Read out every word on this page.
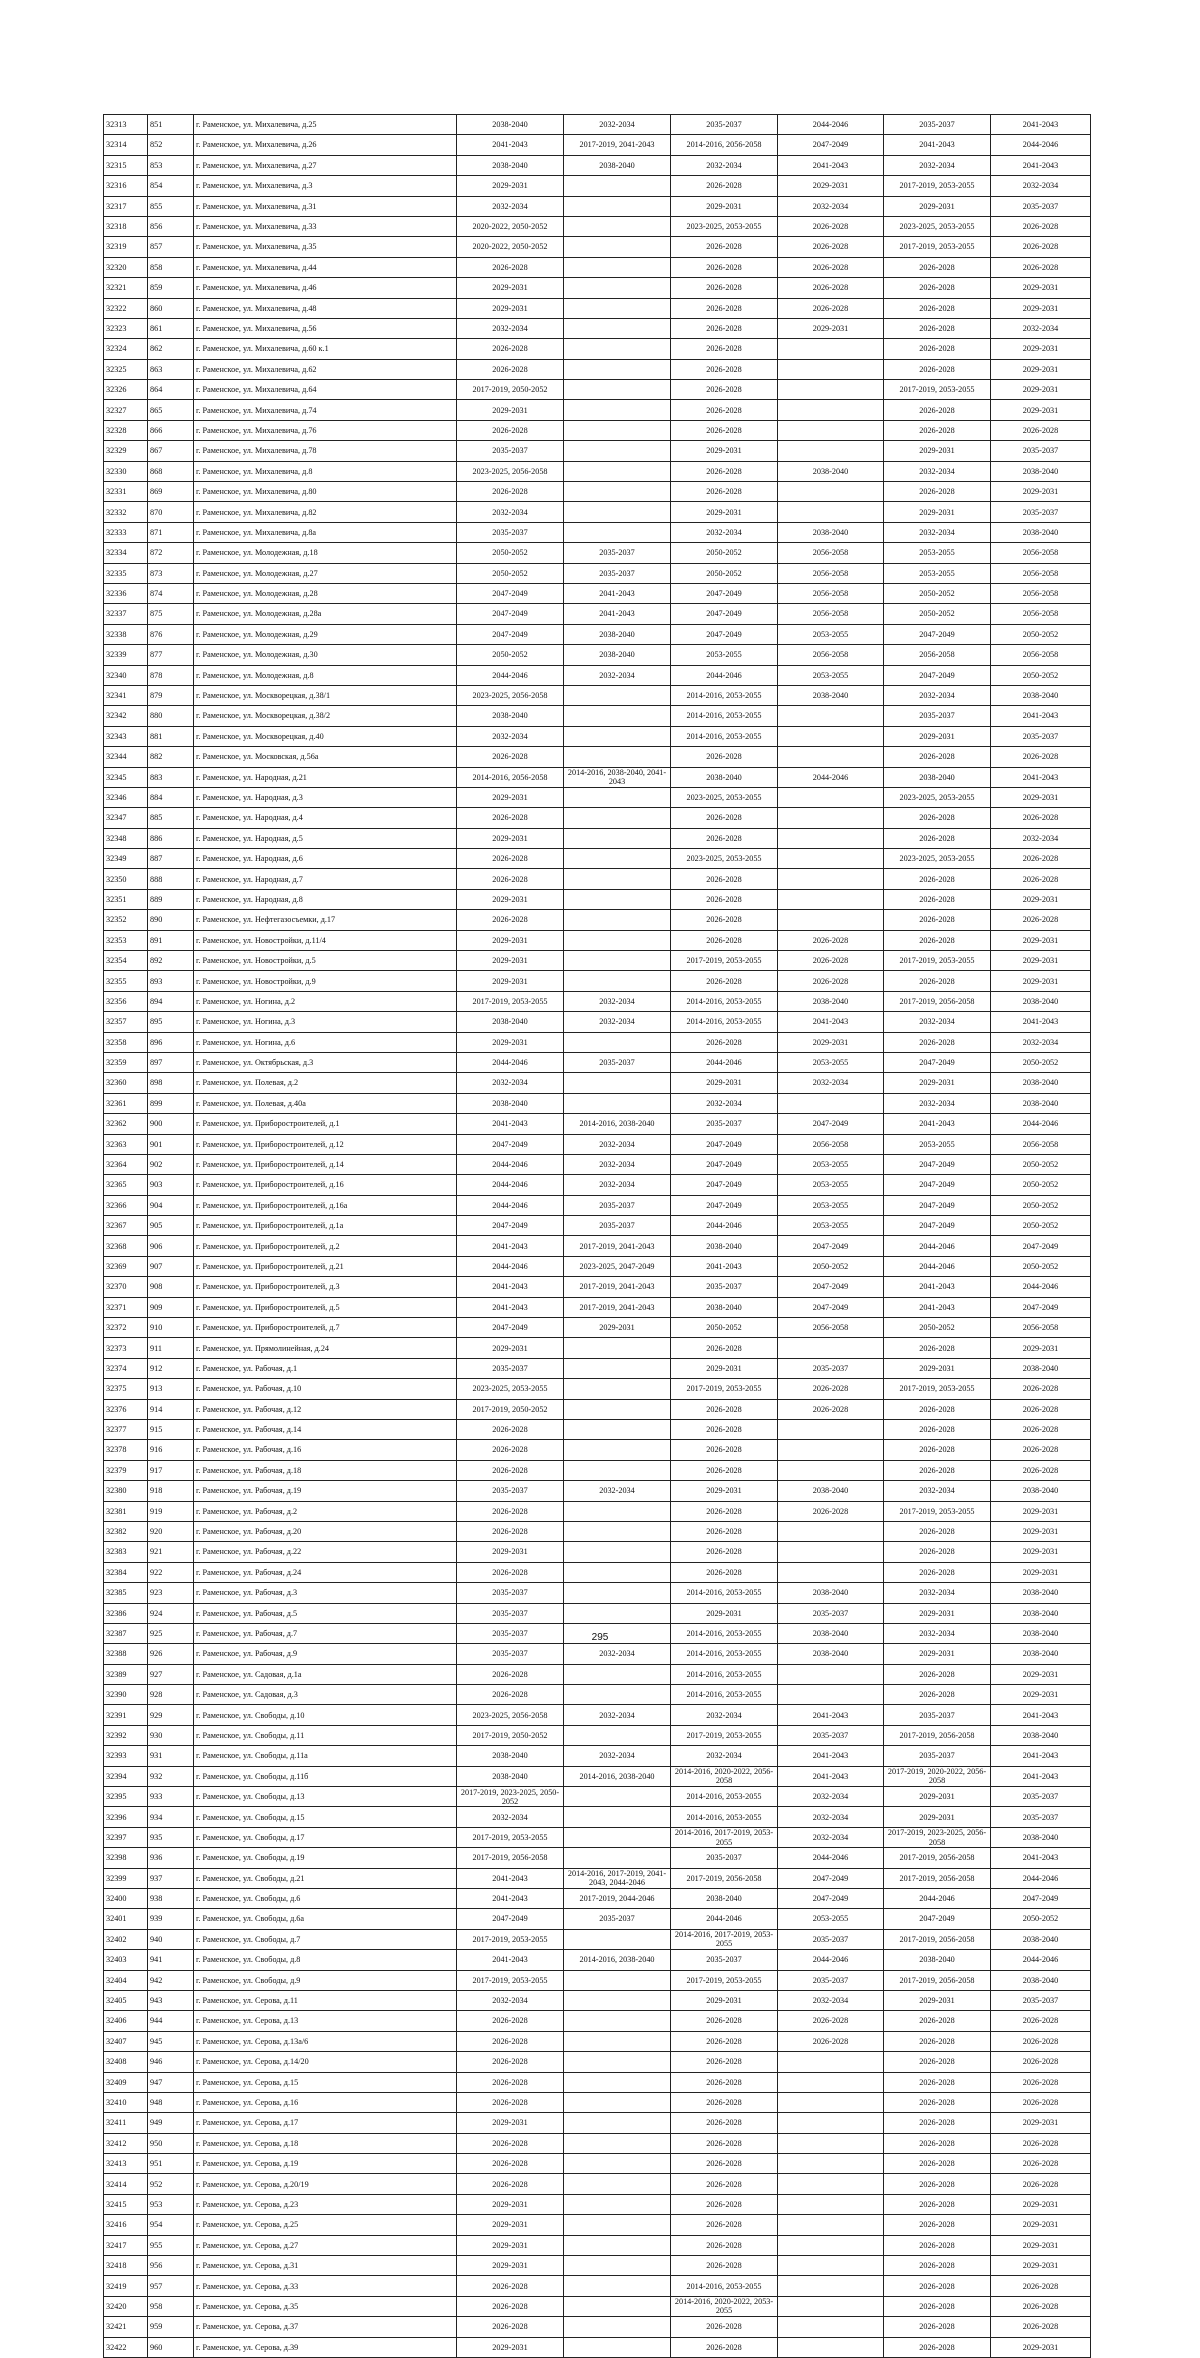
32313	851	г. Раменское, ул. Михалевича, д.25	2038-2040	2032-2034	2035-2037	2044-2046	2035-2037	2041-2043
32314	852	г. Раменское, ул. Михалевича, д.26	2041-2043	2017-2019, 2041-2043	2014-2016, 2056-2058	2047-2049	2041-2043	2044-2046
32315	853	г. Раменское, ул. Михалевича, д.27	2038-2040	2038-2040	2032-2034	2041-2043	2032-2034	2041-2043
32316	854	г. Раменское, ул. Михалевича, д.3	2029-2031		2026-2028	2029-2031	2017-2019, 2053-2055	2032-2034
32317	855	г. Раменское, ул. Михалевича, д.31	2032-2034		2029-2031	2032-2034	2029-2031	2035-2037
32318	856	г. Раменское, ул. Михалевича, д.33	2020-2022, 2050-2052		2023-2025, 2053-2055	2026-2028	2023-2025, 2053-2055	2026-2028
32319	857	г. Раменское, ул. Михалевича, д.35	2020-2022, 2050-2052		2026-2028	2026-2028	2017-2019, 2053-2055	2026-2028
32320	858	г. Раменское, ул. Михалевича, д.44	2026-2028		2026-2028	2026-2028	2026-2028	2026-2028
32321	859	г. Раменское, ул. Михалевича, д.46	2029-2031		2026-2028	2026-2028	2026-2028	2029-2031
32322	860	г. Раменское, ул. Михалевича, д.48	2029-2031		2026-2028	2026-2028	2026-2028	2029-2031
32323	861	г. Раменское, ул. Михалевича, д.56	2032-2034		2026-2028	2029-2031	2026-2028	2032-2034
32324	862	г. Раменское, ул. Михалевича, д.60 к.1	2026-2028		2026-2028		2026-2028	2029-2031
32325	863	г. Раменское, ул. Михалевича, д.62	2026-2028		2026-2028		2026-2028	2029-2031
32326	864	г. Раменское, ул. Михалевича, д.64	2017-2019, 2050-2052		2026-2028		2017-2019, 2053-2055	2029-2031
32327	865	г. Раменское, ул. Михалевича, д.74	2029-2031		2026-2028		2026-2028	2029-2031
32328	866	г. Раменское, ул. Михалевича, д.76	2026-2028		2026-2028		2026-2028	2026-2028
32329	867	г. Раменское, ул. Михалевича, д.78	2035-2037		2029-2031		2029-2031	2035-2037
32330	868	г. Раменское, ул. Михалевича, д.8	2023-2025, 2056-2058		2026-2028	2038-2040	2032-2034	2038-2040
32331	869	г. Раменское, ул. Михалевича, д.80	2026-2028		2026-2028		2026-2028	2029-2031
32332	870	г. Раменское, ул. Михалевича, д.82	2032-2034		2029-2031		2029-2031	2035-2037
32333	871	г. Раменское, ул. Михалевича, д.8а	2035-2037		2032-2034	2038-2040	2032-2034	2038-2040
32334	872	г. Раменское, ул. Молодежная, д.18	2050-2052	2035-2037	2050-2052	2056-2058	2053-2055	2056-2058
32335	873	г. Раменское, ул. Молодежная, д.27	2050-2052	2035-2037	2050-2052	2056-2058	2053-2055	2056-2058
32336	874	г. Раменское, ул. Молодежная, д.28	2047-2049	2041-2043	2047-2049	2056-2058	2050-2052	2056-2058
32337	875	г. Раменское, ул. Молодежная, д.28а	2047-2049	2041-2043	2047-2049	2056-2058	2050-2052	2056-2058
32338	876	г. Раменское, ул. Молодежная, д.29	2047-2049	2038-2040	2047-2049	2053-2055	2047-2049	2050-2052
32339	877	г. Раменское, ул. Молодежная, д.30	2050-2052	2038-2040	2053-2055	2056-2058	2056-2058	2056-2058
32340	878	г. Раменское, ул. Молодежная, д.8	2044-2046	2032-2034	2044-2046	2053-2055	2047-2049	2050-2052
32341	879	г. Раменское, ул. Москворецкая, д.38/1	2023-2025, 2056-2058		2014-2016, 2053-2055	2038-2040	2032-2034	2038-2040
32342	880	г. Раменское, ул. Москворецкая, д.38/2	2038-2040		2014-2016, 2053-2055		2035-2037	2041-2043
32343	881	г. Раменское, ул. Москворецкая, д.40	2032-2034		2014-2016, 2053-2055		2029-2031	2035-2037
32344	882	г. Раменское, ул. Московская, д.56а	2026-2028		2026-2028		2026-2028	2026-2028
32345	883	г. Раменское, ул. Народная, д.21	2014-2016, 2056-2058	2014-2016, 2038-2040, 2041-2043	2038-2040	2044-2046	2038-2040	2041-2043
32346	884	г. Раменское, ул. Народная, д.3	2029-2031		2023-2025, 2053-2055		2023-2025, 2053-2055	2029-2031
32347	885	г. Раменское, ул. Народная, д.4	2026-2028		2026-2028		2026-2028	2026-2028
32348	886	г. Раменское, ул. Народная, д.5	2029-2031		2026-2028		2026-2028	2032-2034
32349	887	г. Раменское, ул. Народная, д.6	2026-2028		2023-2025, 2053-2055		2023-2025, 2053-2055	2026-2028
32350	888	г. Раменское, ул. Народная, д.7	2026-2028		2026-2028		2026-2028	2026-2028
32351	889	г. Раменское, ул. Народная, д.8	2029-2031		2026-2028		2026-2028	2029-2031
32352	890	г. Раменское, ул. Нефтегазосъемки, д.17	2026-2028		2026-2028		2026-2028	2026-2028
32353	891	г. Раменское, ул. Новостройки, д.11/4	2029-2031		2026-2028	2026-2028	2026-2028	2029-2031
32354	892	г. Раменское, ул. Новостройки, д.5	2029-2031		2017-2019, 2053-2055	2026-2028	2017-2019, 2053-2055	2029-2031
32355	893	г. Раменское, ул. Новостройки, д.9	2029-2031		2026-2028	2026-2028	2026-2028	2029-2031
32356	894	г. Раменское, ул. Ногина, д.2	2017-2019, 2053-2055	2032-2034	2014-2016, 2053-2055	2038-2040	2017-2019, 2056-2058	2038-2040
32357	895	г. Раменское, ул. Ногина, д.3	2038-2040	2032-2034	2014-2016, 2053-2055	2041-2043	2032-2034	2041-2043
32358	896	г. Раменское, ул. Ногина, д.6	2029-2031		2026-2028	2029-2031	2026-2028	2032-2034
32359	897	г. Раменское, ул. Октябрьская, д.3	2044-2046	2035-2037	2044-2046	2053-2055	2047-2049	2050-2052
32360	898	г. Раменское, ул. Полевая, д.2	2032-2034		2029-2031	2032-2034	2029-2031	2038-2040
32361	899	г. Раменское, ул. Полевая, д.40а	2038-2040		2032-2034		2032-2034	2038-2040
32362	900	г. Раменское, ул. Приборостроителей, д.1	2041-2043	2014-2016, 2038-2040	2035-2037	2047-2049	2041-2043	2044-2046
32363	901	г. Раменское, ул. Приборостроителей, д.12	2047-2049	2032-2034	2047-2049	2056-2058	2053-2055	2056-2058
32364	902	г. Раменское, ул. Приборостроителей, д.14	2044-2046	2032-2034	2047-2049	2053-2055	2047-2049	2050-2052
32365	903	г. Раменское, ул. Приборостроителей, д.16	2044-2046	2032-2034	2047-2049	2053-2055	2047-2049	2050-2052
32366	904	г. Раменское, ул. Приборостроителей, д.16а	2044-2046	2035-2037	2047-2049	2053-2055	2047-2049	2050-2052
32367	905	г. Раменское, ул. Приборостроителей, д.1а	2047-2049	2035-2037	2044-2046	2053-2055	2047-2049	2050-2052
32368	906	г. Раменское, ул. Приборостроителей, д.2	2041-2043	2017-2019, 2041-2043	2038-2040	2047-2049	2044-2046	2047-2049
32369	907	г. Раменское, ул. Приборостроителей, д.21	2044-2046	2023-2025, 2047-2049	2041-2043	2050-2052	2044-2046	2050-2052
32370	908	г. Раменское, ул. Приборостроителей, д.3	2041-2043	2017-2019, 2041-2043	2035-2037	2047-2049	2041-2043	2044-2046
32371	909	г. Раменское, ул. Приборостроителей, д.5	2041-2043	2017-2019, 2041-2043	2038-2040	2047-2049	2041-2043	2047-2049
32372	910	г. Раменское, ул. Приборостроителей, д.7	2047-2049	2029-2031	2050-2052	2056-2058	2050-2052	2056-2058
32373	911	г. Раменское, ул. Прямолинейная, д.24	2029-2031		2026-2028		2026-2028	2029-2031
32374	912	г. Раменское, ул. Рабочая, д.1	2035-2037		2029-2031	2035-2037	2029-2031	2038-2040
32375	913	г. Раменское, ул. Рабочая, д.10	2023-2025, 2053-2055		2017-2019, 2053-2055	2026-2028	2017-2019, 2053-2055	2026-2028
32376	914	г. Раменское, ул. Рабочая, д.12	2017-2019, 2050-2052		2026-2028	2026-2028	2026-2028	2026-2028
32377	915	г. Раменское, ул. Рабочая, д.14	2026-2028		2026-2028		2026-2028	2026-2028
32378	916	г. Раменское, ул. Рабочая, д.16	2026-2028		2026-2028		2026-2028	2026-2028
32379	917	г. Раменское, ул. Рабочая, д.18	2026-2028		2026-2028		2026-2028	2026-2028
32380	918	г. Раменское, ул. Рабочая, д.19	2035-2037	2032-2034	2029-2031	2038-2040	2032-2034	2038-2040
32381	919	г. Раменское, ул. Рабочая, д.2	2026-2028		2026-2028	2026-2028	2017-2019, 2053-2055	2029-2031
32382	920	г. Раменское, ул. Рабочая, д.20	2026-2028		2026-2028		2026-2028	2029-2031
32383	921	г. Раменское, ул. Рабочая, д.22	2029-2031		2026-2028		2026-2028	2029-2031
32384	922	г. Раменское, ул. Рабочая, д.24	2026-2028		2026-2028		2026-2028	2029-2031
32385	923	г. Раменское, ул. Рабочая, д.3	2035-2037		2014-2016, 2053-2055	2038-2040	2032-2034	2038-2040
32386	924	г. Раменское, ул. Рабочая, д.5	2035-2037		2029-2031	2035-2037	2029-2031	2038-2040
32387	925	г. Раменское, ул. Рабочая, д.7	2035-2037		2014-2016, 2053-2055	2038-2040	2032-2034	2038-2040
32388	926	г. Раменское, ул. Рабочая, д.9	2035-2037	2032-2034	2014-2016, 2053-2055	2038-2040	2029-2031	2038-2040
32389	927	г. Раменское, ул. Садовая, д.1а	2026-2028		2014-2016, 2053-2055		2026-2028	2029-2031
32390	928	г. Раменское, ул. Садовая, д.3	2026-2028		2014-2016, 2053-2055		2026-2028	2029-2031
32391	929	г. Раменское, ул. Свободы, д.10	2023-2025, 2056-2058	2032-2034	2032-2034	2041-2043	2035-2037	2041-2043
32392	930	г. Раменское, ул. Свободы, д.11	2017-2019, 2050-2052		2017-2019, 2053-2055	2035-2037	2017-2019, 2056-2058	2038-2040
32393	931	г. Раменское, ул. Свободы, д.11а	2038-2040	2032-2034	2032-2034	2041-2043	2035-2037	2041-2043
32394	932	г. Раменское, ул. Свободы, д.11б	2038-2040	2014-2016, 2038-2040	2014-2016, 2020-2022, 2056-2058	2041-2043	2017-2019, 2020-2022, 2056-2058	2041-2043
32395	933	г. Раменское, ул. Свободы, д.13	2017-2019, 2023-2025, 2050-2052		2014-2016, 2053-2055	2032-2034	2029-2031	2035-2037
32396	934	г. Раменское, ул. Свободы, д.15	2032-2034		2014-2016, 2053-2055	2032-2034	2029-2031	2035-2037
32397	935	г. Раменское, ул. Свободы, д.17	2017-2019, 2053-2055		2014-2016, 2017-2019, 2053-2055	2032-2034	2017-2019, 2023-2025, 2056-2058	2038-2040
32398	936	г. Раменское, ул. Свободы, д.19	2017-2019, 2056-2058		2035-2037	2044-2046	2017-2019, 2056-2058	2041-2043
32399	937	г. Раменское, ул. Свободы, д.21	2041-2043	2014-2016, 2017-2019, 2041-2043, 2044-2046	2017-2019, 2056-2058	2047-2049	2017-2019, 2056-2058	2044-2046
32400	938	г. Раменское, ул. Свободы, д.6	2041-2043	2017-2019, 2044-2046	2038-2040	2047-2049	2044-2046	2047-2049
32401	939	г. Раменское, ул. Свободы, д.6а	2047-2049	2035-2037	2044-2046	2053-2055	2047-2049	2050-2052
32402	940	г. Раменское, ул. Свободы, д.7	2017-2019, 2053-2055		2014-2016, 2017-2019, 2053-2055	2035-2037	2017-2019, 2056-2058	2038-2040
32403	941	г. Раменское, ул. Свободы, д.8	2041-2043	2014-2016, 2038-2040	2035-2037	2044-2046	2038-2040	2044-2046
32404	942	г. Раменское, ул. Свободы, д.9	2017-2019, 2053-2055		2017-2019, 2053-2055	2035-2037	2017-2019, 2056-2058	2038-2040
32405	943	г. Раменское, ул. Серова, д.11	2032-2034		2029-2031	2032-2034	2029-2031	2035-2037
32406	944	г. Раменское, ул. Серова, д.13	2026-2028		2026-2028	2026-2028	2026-2028	2026-2028
32407	945	г. Раменское, ул. Серова, д.13а/6	2026-2028		2026-2028	2026-2028	2026-2028	2026-2028
32408	946	г. Раменское, ул. Серова, д.14/20	2026-2028		2026-2028		2026-2028	2026-2028
32409	947	г. Раменское, ул. Серова, д.15	2026-2028		2026-2028		2026-2028	2026-2028
32410	948	г. Раменское, ул. Серова, д.16	2026-2028		2026-2028		2026-2028	2026-2028
32411	949	г. Раменское, ул. Серова, д.17	2029-2031		2026-2028		2026-2028	2029-2031
32412	950	г. Раменское, ул. Серова, д.18	2026-2028		2026-2028		2026-2028	2026-2028
32413	951	г. Раменское, ул. Серова, д.19	2026-2028		2026-2028		2026-2028	2026-2028
32414	952	г. Раменское, ул. Серова, д.20/19	2026-2028		2026-2028		2026-2028	2026-2028
32415	953	г. Раменское, ул. Серова, д.23	2029-2031		2026-2028		2026-2028	2029-2031
32416	954	г. Раменское, ул. Серова, д.25	2029-2031		2026-2028		2026-2028	2029-2031
32417	955	г. Раменское, ул. Серова, д.27	2029-2031		2026-2028		2026-2028	2029-2031
32418	956	г. Раменское, ул. Серова, д.31	2029-2031		2026-2028		2026-2028	2029-2031
32419	957	г. Раменское, ул. Серова, д.33	2026-2028		2014-2016, 2053-2055		2026-2028	2026-2028
32420	958	г. Раменское, ул. Серова, д.35	2026-2028		2014-2016, 2020-2022, 2053-2055		2026-2028	2026-2028
32421	959	г. Раменское, ул. Серова, д.37	2026-2028		2026-2028		2026-2028	2026-2028
32422	960	г. Раменское, ул. Серова, д.39	2029-2031		2026-2028		2026-2028	2029-2031
295
